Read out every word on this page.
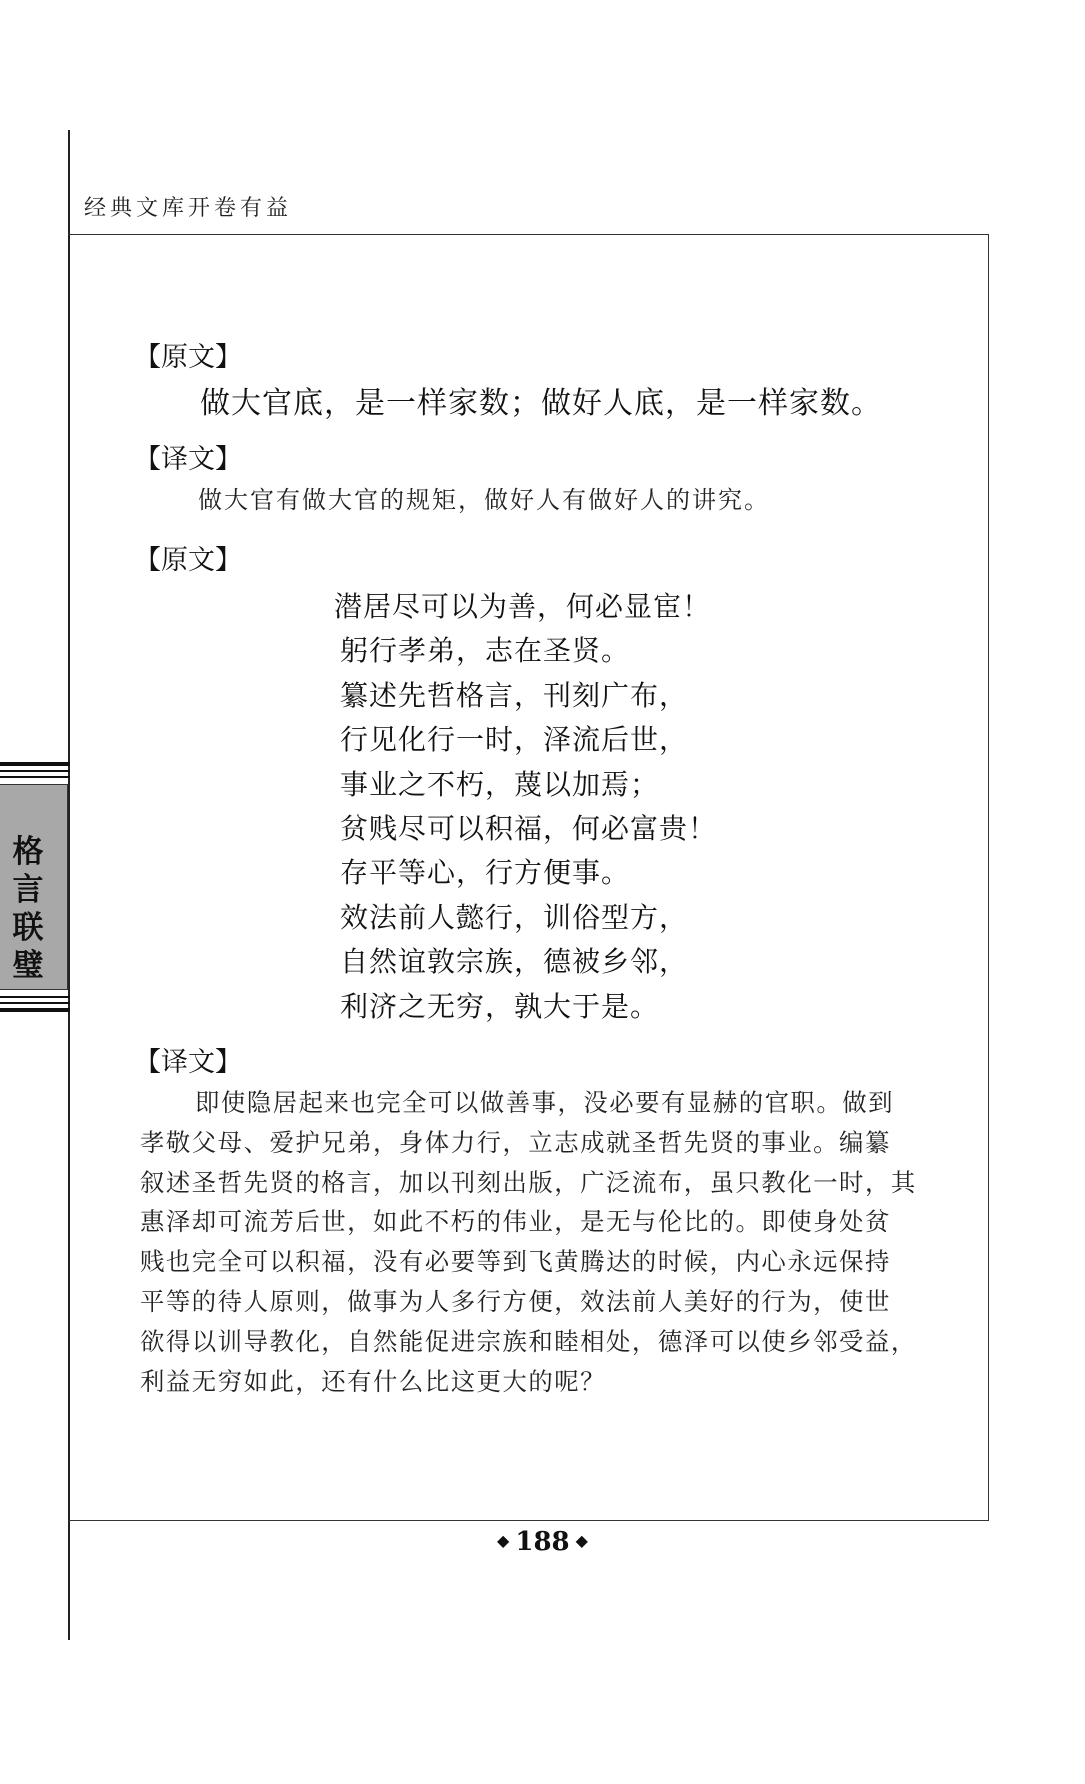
经典文库开卷有益
格言联璧
【原文】
做大官底，是一样家数；做好人底，是一样家数。
【译文】
做大官有做大官的规矩，做好人有做好人的讲究。
【原文】
潜居尽可以为善，何必显宦！
躬行孝弟，志在圣贤。
纂述先哲格言，刊刻广布，
行见化行一时，泽流后世，
事业之不朽，蔑以加焉；
贫贱尽可以积福，何必富贵！
存平等心，行方便事。
效法前人懿行，训俗型方，
自然谊敦宗族，德被乡邻，
利济之无穷，孰大于是。
【译文】
即使隐居起来也完全可以做善事，没必要有显赫的官职。做到
孝敬父母、爱护兄弟，身体力行，立志成就圣哲先贤的事业。编纂
叙述圣哲先贤的格言，加以刊刻出版，广泛流布，虽只教化一时，其
惠泽却可流芳后世，如此不朽的伟业，是无与伦比的。即使身处贫
贱也完全可以积福，没有必要等到飞黄腾达的时候，内心永远保持
平等的待人原则，做事为人多行方便，效法前人美好的行为，使世
欲得以训导教化，自然能促进宗族和睦相处，德泽可以使乡邻受益，
利益无穷如此，还有什么比这更大的呢？
◆ 188 ◆
